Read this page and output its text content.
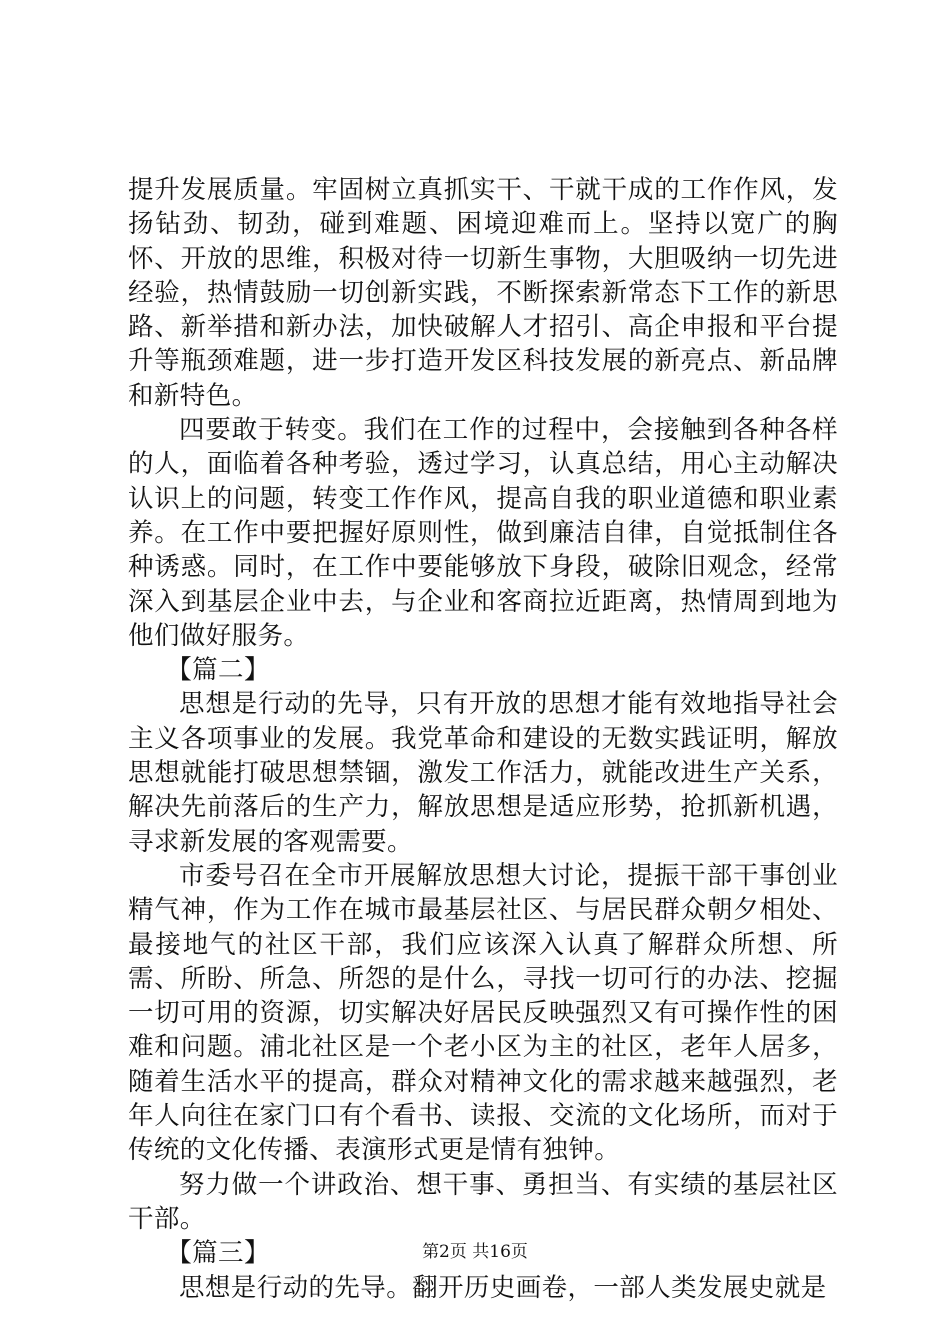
提升发展质量。牢固树立真抓实干、干就干成的工作作风，发扬钻劲、韧劲，碰到难题、困境迎难而上。坚持以宽广的胸怀、开放的思维，积极对待一切新生事物，大胆吸纳一切先进经验，热情鼓励一切创新实践，不断探索新常态下工作的新思路、新举措和新办法，加快破解人才招引、高企申报和平台提升等瓶颈难题，进一步打造开发区科技发展的新亮点、新品牌和新特色。

四要敢于转变。我们在工作的过程中，会接触到各种各样的人，面临着各种考验，透过学习，认真总结，用心主动解决认识上的问题，转变工作作风，提高自我的职业道德和职业素养。在工作中要把握好原则性，做到廉洁自律，自觉抵制住各种诱惑。同时，在工作中要能够放下身段，破除旧观念，经常深入到基层企业中去，与企业和客商拉近距离，热情周到地为他们做好服务。

【篇二】

思想是行动的先导，只有开放的思想才能有效地指导社会主义各项事业的发展。我党革命和建设的无数实践证明，解放思想就能打破思想禁锢，激发工作活力，就能改进生产关系，解决先前落后的生产力，解放思想是适应形势，抢抓新机遇，寻求新发展的客观需要。

市委号召在全市开展解放思想大讨论，提振干部干事创业精气神，作为工作在城市最基层社区、与居民群众朝夕相处、最接地气的社区干部，我们应该深入认真了解群众所想、所需、所盼、所急、所怨的是什么，寻找一切可行的办法、挖掘一切可用的资源，切实解决好居民反映强烈又有可操作性的困难和问题。浦北社区是一个老小区为主的社区，老年人居多，随着生活水平的提高，群众对精神文化的需求越来越强烈，老年人向往在家门口有个看书、读报、交流的文化场所，而对于传统的文化传播、表演形式更是情有独钟。

努力做一个讲政治、想干事、勇担当、有实绩的基层社区干部。

【篇三】

思想是行动的先导。翻开历史画卷，一部人类发展史就是

第2页 共16页
